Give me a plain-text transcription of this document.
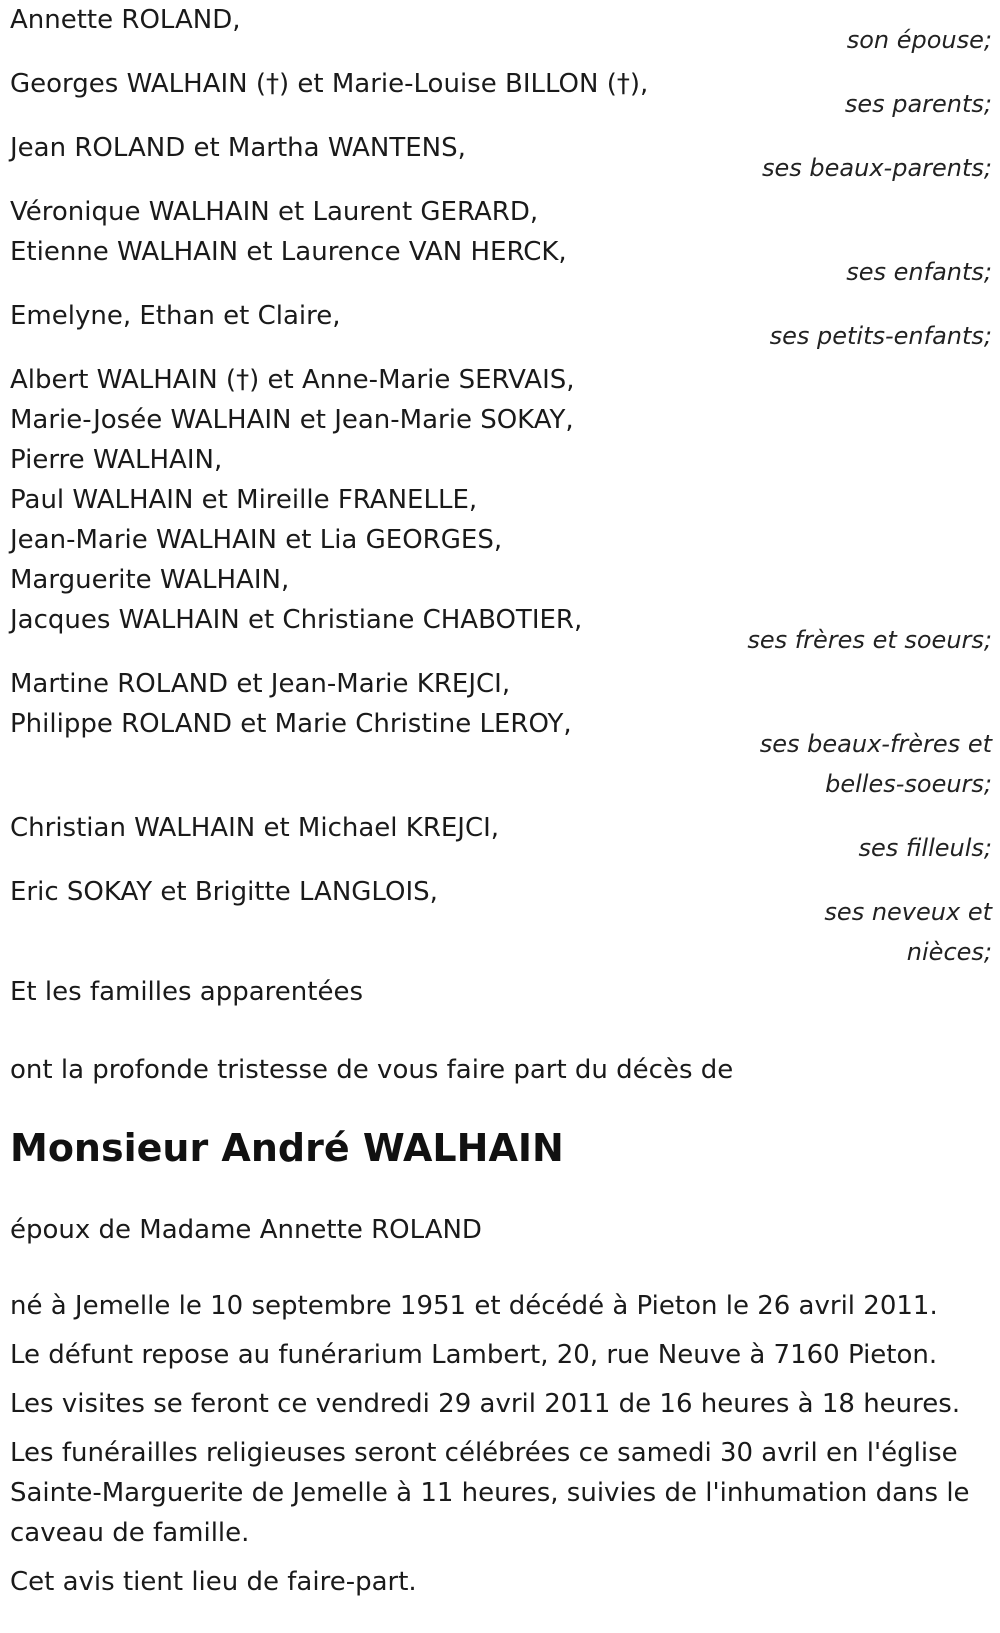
Annette ROLAND,
son épouse;
Georges WALHAIN (†) et Marie-Louise BILLON (†),
ses parents;
Jean ROLAND et Martha WANTENS,
ses beaux-parents;
Véronique WALHAIN et Laurent GERARD,
Etienne WALHAIN et Laurence VAN HERCK,
ses enfants;
Emelyne, Ethan et Claire,
ses petits-enfants;
Albert WALHAIN (†) et Anne-Marie SERVAIS,
Marie-Josée WALHAIN et Jean-Marie SOKAY,
Pierre WALHAIN,
Paul WALHAIN et Mireille FRANELLE,
Jean-Marie WALHAIN et Lia GEORGES,
Marguerite WALHAIN,
Jacques WALHAIN et Christiane CHABOTIER,
ses frères et soeurs;
Martine ROLAND et Jean-Marie KREJCI,
Philippe ROLAND et Marie Christine LEROY,
ses beaux-frères et
belles-soeurs;
Christian WALHAIN et Michael KREJCI,
ses filleuls;
Eric SOKAY et Brigitte LANGLOIS,
ses neveux et
nièces;
Et les familles apparentées
ont la profonde tristesse de vous faire part du décès de
Monsieur André WALHAIN
époux de Madame Annette ROLAND
né à Jemelle le 10 septembre 1951 et décédé à Pieton le 26 avril 2011.
Le défunt repose au funérarium Lambert, 20, rue Neuve à 7160 Pieton.
Les visites se feront ce vendredi 29 avril 2011 de 16 heures à 18 heures.
Les funérailles religieuses seront célébrées ce samedi 30 avril en l'église Sainte-Marguerite de Jemelle à 11 heures, suivies de l'inhumation dans le caveau de famille.
Cet avis tient lieu de faire-part.
